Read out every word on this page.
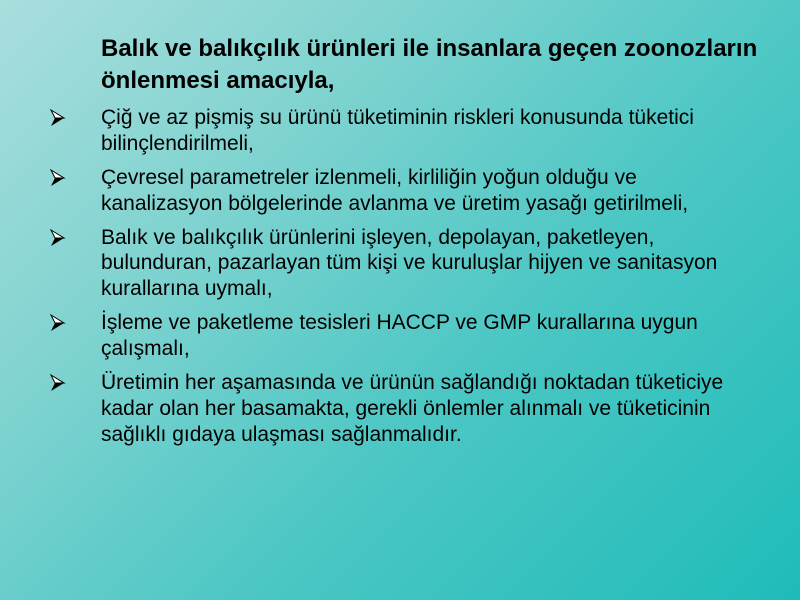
Balık ve balıkçılık ürünleri ile insanlara geçen zoonozların önlenmesi amacıyla,
Çiğ ve az pişmiş su ürünü tüketiminin riskleri konusunda tüketici bilinçlendirilmeli,
Çevresel parametreler izlenmeli, kirliliğin yoğun olduğu ve kanalizasyon bölgelerinde avlanma ve üretim yasağı getirilmeli,
Balık ve balıkçılık ürünlerini işleyen, depolayan, paketleyen, bulunduran, pazarlayan tüm kişi ve kuruluşlar hijyen ve sanitasyon kurallarına uymalı,
İşleme ve paketleme tesisleri HACCP ve GMP kurallarına uygun çalışmalı,
Üretimin her aşamasında ve ürünün sağlandığı noktadan tüketiciye kadar olan her basamakta, gerekli önlemler alınmalı ve tüketicinin sağlıklı gıdaya ulaşması sağlanmalıdır.
